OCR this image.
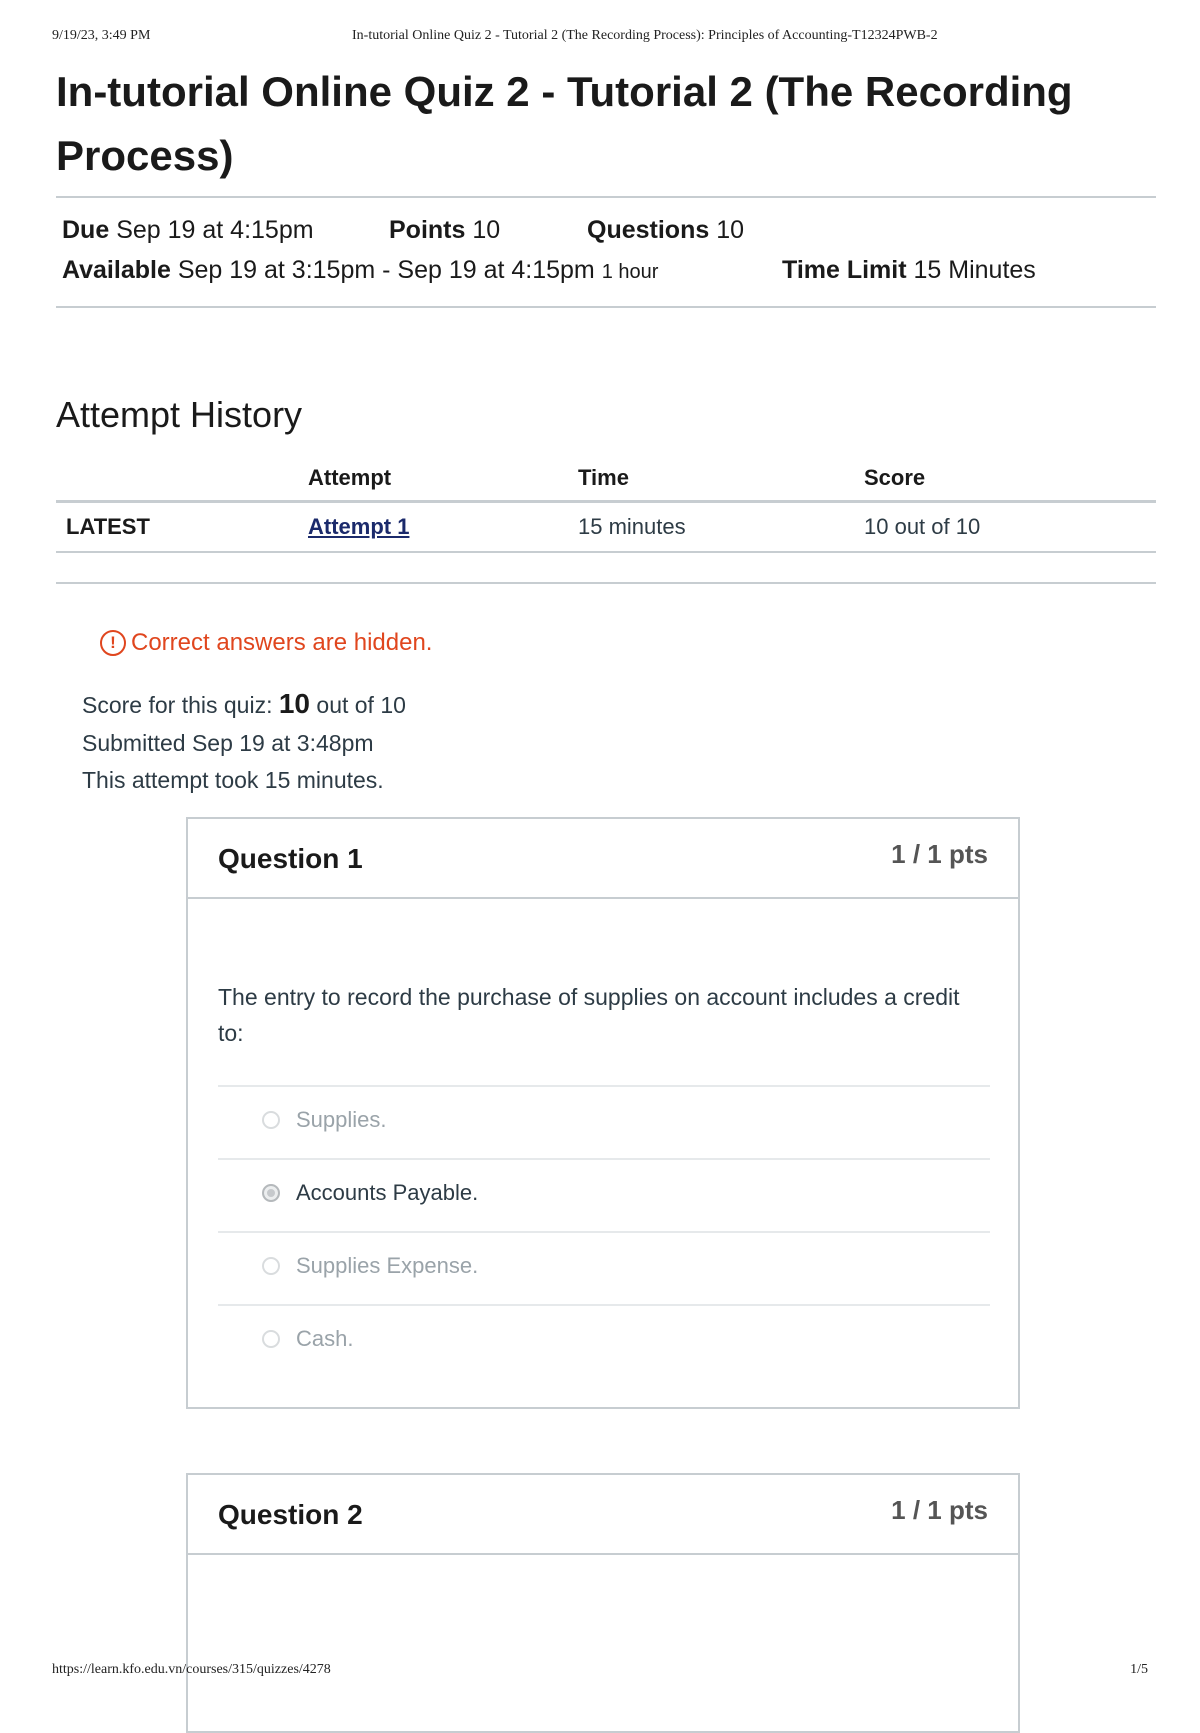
9/19/23, 3:49 PM	In-tutorial Online Quiz 2 - Tutorial 2 (The Recording Process): Principles of Accounting-T12324PWB-2
In-tutorial Online Quiz 2 - Tutorial 2 (The Recording Process)
Due Sep 19 at 4:15pm	Points 10	Questions 10
Available Sep 19 at 3:15pm - Sep 19 at 4:15pm 1 hour	Time Limit 15 Minutes
Attempt History
	Attempt	Time	Score
LATEST	Attempt 1	15 minutes	10 out of 10
! Correct answers are hidden.
Score for this quiz: 10 out of 10
Submitted Sep 19 at 3:48pm
This attempt took 15 minutes.
Question 1	1 / 1 pts
The entry to record the purchase of supplies on account includes a credit to:
Supplies.
Accounts Payable.
Supplies Expense.
Cash.
Question 2	1 / 1 pts
https://learn.kfo.edu.vn/courses/315/quizzes/4278	1/5
